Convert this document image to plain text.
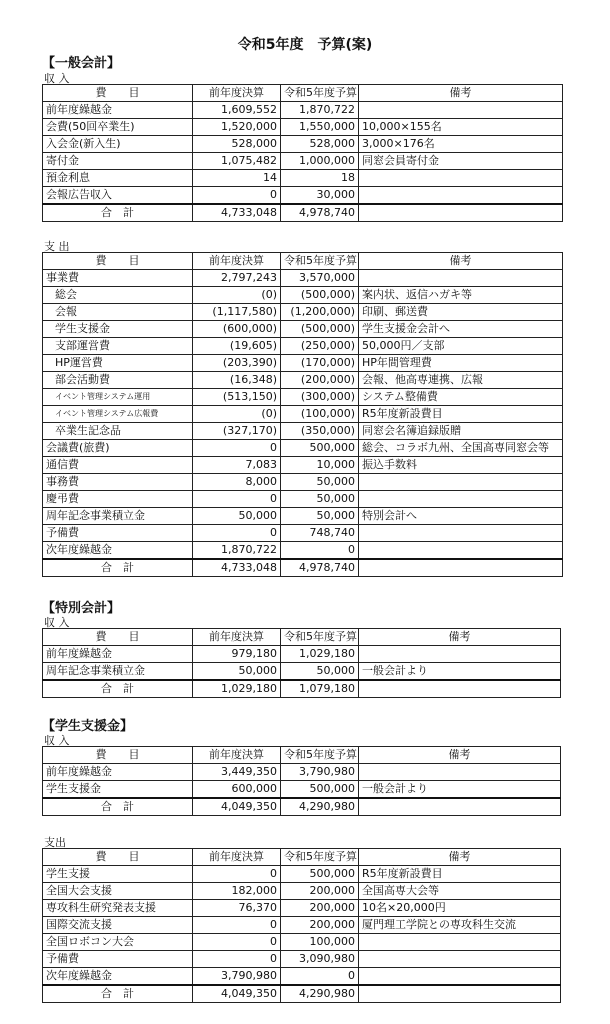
令和5年度　予算(案)
【一般会計】
収 入
費　　目	前年度決算	令和5年度予算	備考
前年度繰越金	1,609,552	1,870,722	
会費(50回卒業生)	1,520,000	1,550,000	10,000×155名
入会金(新入生)	528,000	528,000	3,000×176名
寄付金	1,075,482	1,000,000	同窓会員寄付金
預金利息	14	18	
会報広告収入	0	30,000	
合　計	4,733,048	4,978,740	
支 出
費　　目	前年度決算	令和5年度予算	備考
事業費	2,797,243	3,570,000	
総会	(0)	(500,000)	案内状、返信ハガキ等
会報	(1,117,580)	(1,200,000)	印刷、郵送費
学生支援金	(600,000)	(500,000)	学生支援金会計へ
支部運営費	(19,605)	(250,000)	50,000円／支部
HP運営費	(203,390)	(170,000)	HP年間管理費
部会活動費	(16,348)	(200,000)	会報、他高専連携、広報
イベント管理システム運用	(513,150)	(300,000)	システム整備費
イベント管理システム広報費	(0)	(100,000)	R5年度新設費目
卒業生記念品	(327,170)	(350,000)	同窓会名簿追録版贈
会議費(旅費)	0	500,000	総会、コラボ九州、全国高専同窓会等
通信費	7,083	10,000	振込手数料
事務費	8,000	50,000	
慶弔費	0	50,000	
周年記念事業積立金	50,000	50,000	特別会計へ
予備費	0	748,740	
次年度繰越金	1,870,722	0	
合　計	4,733,048	4,978,740	
【特別会計】
収 入
費　　目	前年度決算	令和5年度予算	備考
前年度繰越金	979,180	1,029,180	
周年記念事業積立金	50,000	50,000	一般会計より
合　計	1,029,180	1,079,180	
【学生支援金】
収 入
費　　目	前年度決算	令和5年度予算	備考
前年度繰越金	3,449,350	3,790,980	
学生支援金	600,000	500,000	一般会計より
合　計	4,049,350	4,290,980	
支出
費　　目	前年度決算	令和5年度予算	備考
学生支援	0	500,000	R5年度新設費目
全国大会支援	182,000	200,000	全国高専大会等
専攻科生研究発表支援	76,370	200,000	10名×20,000円
国際交流支援	0	200,000	厦門理工学院との専攻科生交流
全国ロボコン大会	0	100,000	
予備費	0	3,090,980	
次年度繰越金	3,790,980	0	
合　計	4,049,350	4,290,980	
